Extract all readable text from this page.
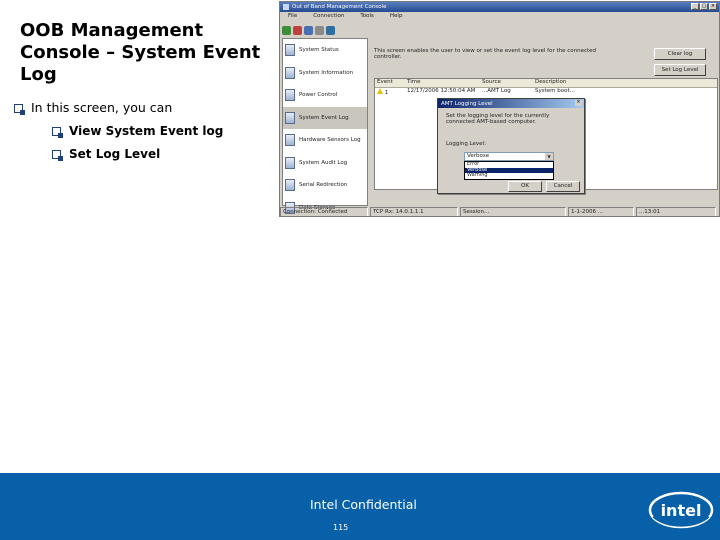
OOB Management Console – System Event Log
In this screen, you can
View System Event log
Set Log Level
Out of Band Management Console	_	□ ×
File	Connection	Tools	Help
System Status
System Information
Power Control
System Event Log
Hardware Sensors Log
System Audit Log
Serial Redirection
Data Storage
This screen enables the user to view or set the event log level for the connected controller.	Clear log
Set Log Level
Event	Time	Source	Description
1	12/17/2006 12:50:04 AM	...AMT Log	System boot...
AMT Logging Level	×
Set the logging level for the currently connected AMT-based computer.
Logging Level:
Verbose	▼
Error
Verbose
Warning
OK	Cancel
Connection: Connected	TCP Rx: 14.0.1.1.1	Session...	1-1-2006 ...	...13:01
Intel Confidential
115
intel
